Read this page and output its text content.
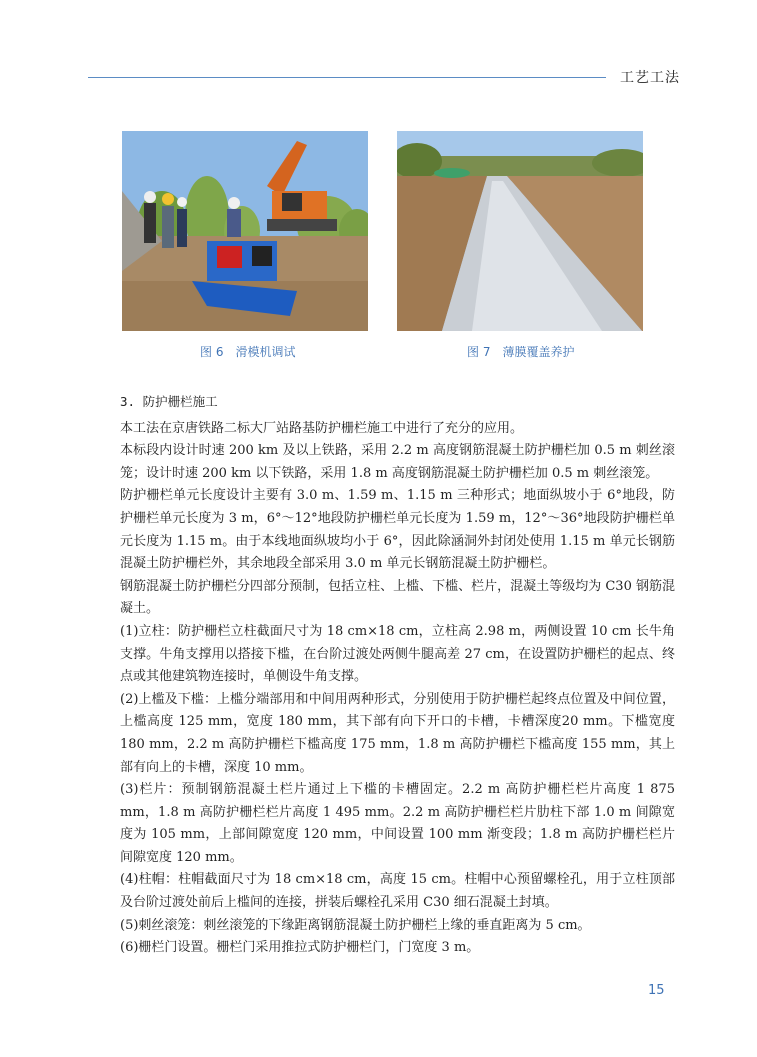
工艺工法
图 6 滑模机调试	图 7 薄膜覆盖养护

3. 防护栅栏施工

本工法在京唐铁路二标大厂站路基防护栅栏施工中进行了充分的应用。

本标段内设计时速 200 km 及以上铁路，采用 2.2 m 高度钢筋混凝土防护栅栏加 0.5 m 刺丝滚笼；设计时速 200 km 以下铁路，采用 1.8 m 高度钢筋混凝土防护栅栏加 0.5 m 刺丝滚笼。

防护栅栏单元长度设计主要有 3.0 m、1.59 m、1.15 m 三种形式；地面纵坡小于 6°地段，防护栅栏单元长度为 3 m，6°～12°地段防护栅栏单元长度为 1.59 m，12°～36°地段防护栅栏单元长度为 1.15 m。由于本线地面纵坡均小于 6°，因此除涵洞外封闭处使用 1.15 m 单元长钢筋混凝土防护栅栏外，其余地段全部采用 3.0 m 单元长钢筋混凝土防护栅栏。

钢筋混凝土防护栅栏分四部分预制，包括立柱、上槛、下槛、栏片，混凝土等级均为 C30 钢筋混凝土。

(1)立柱：防护栅栏立柱截面尺寸为 18 cm×18 cm，立柱高 2.98 m，两侧设置 10 cm 长牛角支撑。牛角支撑用以搭接下槛，在台阶过渡处两侧牛腿高差 27 cm，在设置防护栅栏的起点、终点或其他建筑物连接时，单侧设牛角支撑。

(2)上槛及下槛：上槛分端部用和中间用两种形式，分别使用于防护栅栏起终点位置及中间位置，上槛高度 125 mm，宽度 180 mm，其下部有向下开口的卡槽，卡槽深度20 mm。下槛宽度 180 mm，2.2 m 高防护栅栏下槛高度 175 mm，1.8 m 高防护栅栏下槛高度 155 mm，其上部有向上的卡槽，深度 10 mm。

(3)栏片：预制钢筋混凝土栏片通过上下槛的卡槽固定。2.2 m 高防护栅栏栏片高度 1 875 mm，1.8 m 高防护栅栏栏片高度 1 495 mm。2.2 m 高防护栅栏栏片肋柱下部 1.0 m 间隙宽度为 105 mm，上部间隙宽度 120 mm，中间设置 100 mm 渐变段；1.8 m 高防护栅栏栏片间隙宽度 120 mm。

(4)柱帽：柱帽截面尺寸为 18 cm×18 cm，高度 15 cm。柱帽中心预留螺栓孔，用于立柱顶部及台阶过渡处前后上槛间的连接，拼装后螺栓孔采用 C30 细石混凝土封填。

(5)刺丝滚笼：刺丝滚笼的下缘距离钢筋混凝土防护栅栏上缘的垂直距离为 5 cm。

(6)栅栏门设置。栅栏门采用推拉式防护栅栏门，门宽度 3 m。

15
